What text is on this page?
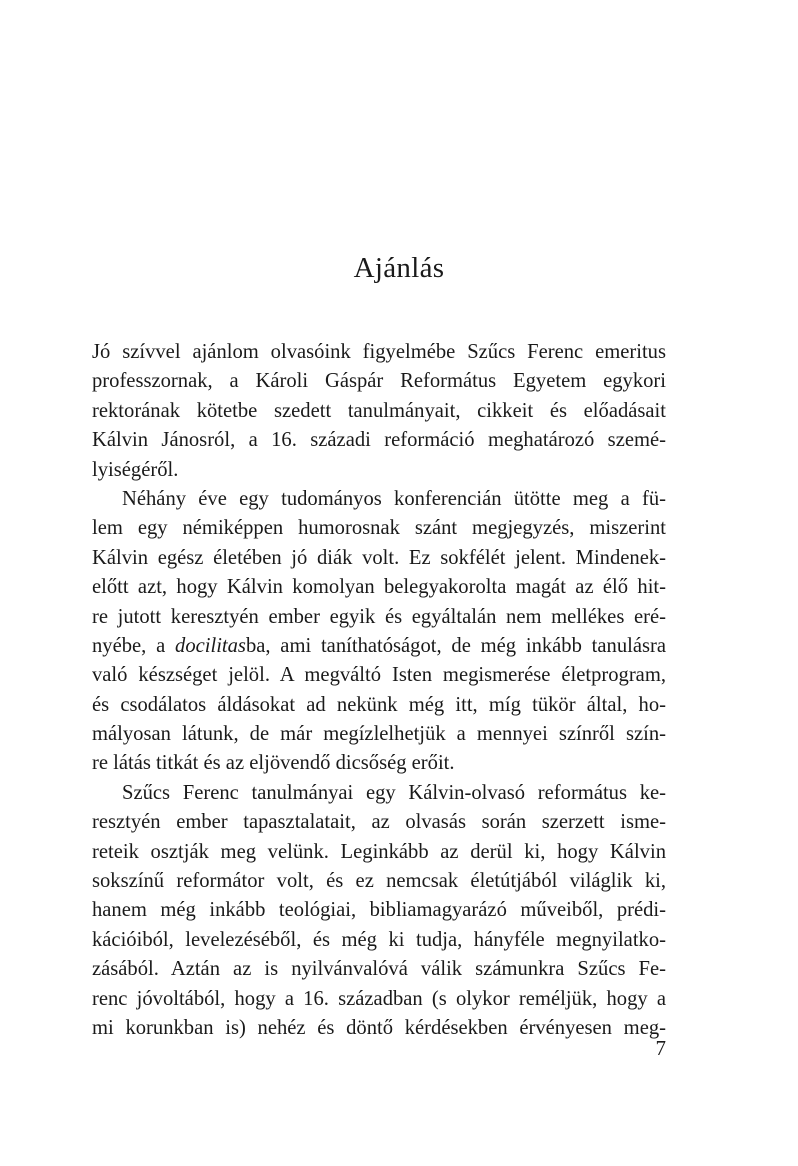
Ajánlás
Jó szívvel ajánlom olvasóink figyelmébe Szűcs Ferenc emeritus
professzornak, a Károli Gáspár Református Egyetem egykori
rektorának kötetbe szedett tanulmányait, cikkeit és előadásait
Kálvin Jánosról, a 16. századi reformáció meghatározó szemé-
lyiségéről.
Néhány éve egy tudományos konferencián ütötte meg a fü-
lem egy némiképpen humorosnak szánt megjegyzés, miszerint
Kálvin egész életében jó diák volt. Ez sokfélét jelent. Mindenek-
előtt azt, hogy Kálvin komolyan belegyakorolta magát az élő hit-
re jutott keresztyén ember egyik és egyáltalán nem mellékes eré-
nyébe, a docilitasba, ami taníthatóságot, de még inkább tanulásra
való készséget jelöl. A megváltó Isten megismerése életprogram,
és csodálatos áldásokat ad nekünk még itt, míg tükör által, ho-
mályosan látunk, de már megízlelhetjük a mennyei színről szín-
re látás titkát és az eljövendő dicsőség erőit.
Szűcs Ferenc tanulmányai egy Kálvin-olvasó református ke-
resztyén ember tapasztalatait, az olvasás során szerzett isme-
reteik osztják meg velünk. Leginkább az derül ki, hogy Kálvin
sokszínű reformátor volt, és ez nemcsak életútjából világlik ki,
hanem még inkább teológiai, bibliamagyarázó műveiből, prédi-
kációiból, levelezéséből, és még ki tudja, hányféle megnyilatko-
zásából. Aztán az is nyilvánvalóvá válik számunkra Szűcs Fe-
renc jóvoltából, hogy a 16. században (s olykor reméljük, hogy a
mi korunkban is) nehéz és döntő kérdésekben érvényesen meg-
7
